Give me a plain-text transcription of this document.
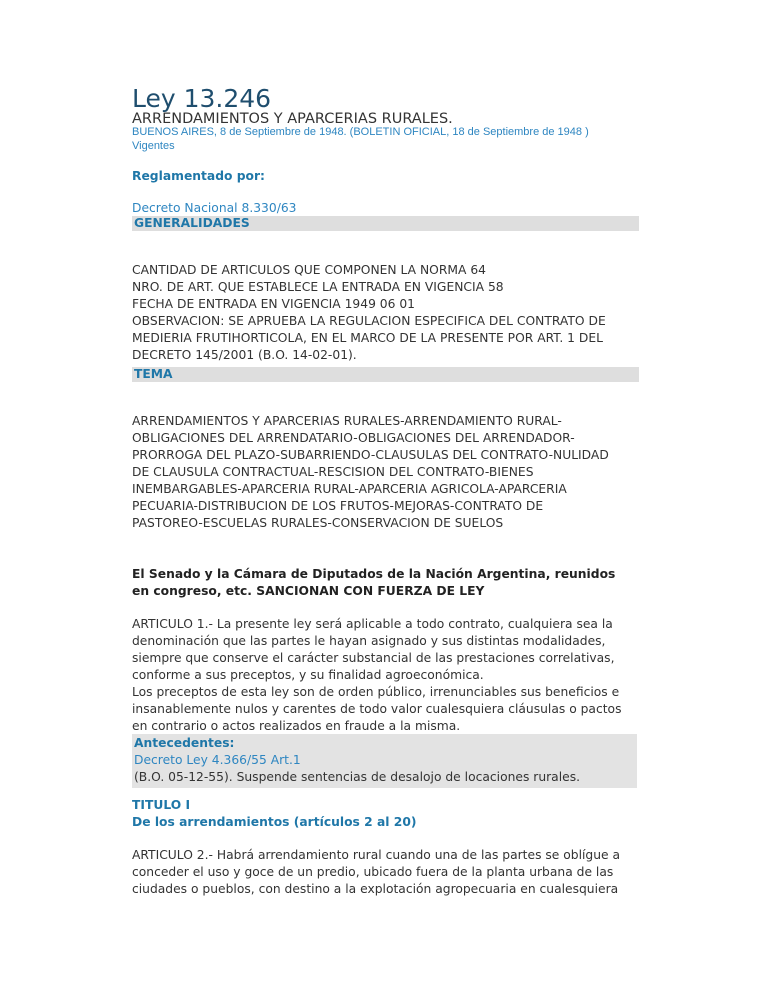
Ley 13.246
ARRENDAMIENTOS Y APARCERIAS RURALES.
BUENOS AIRES, 8 de Septiembre de 1948. (BOLETIN OFICIAL, 18 de Septiembre de 1948 )
Vigentes
Reglamentado por:
Decreto Nacional 8.330/63
GENERALIDADES
CANTIDAD DE ARTICULOS QUE COMPONEN LA NORMA 64
NRO. DE ART. QUE ESTABLECE LA ENTRADA EN VIGENCIA 58
FECHA DE ENTRADA EN VIGENCIA 1949 06 01
OBSERVACION: SE APRUEBA LA REGULACION ESPECIFICA DEL CONTRATO DE
MEDIERIA FRUTIHORTICOLA, EN EL MARCO DE LA PRESENTE POR ART. 1 DEL
DECRETO 145/2001 (B.O. 14-02-01).
TEMA
ARRENDAMIENTOS Y APARCERIAS RURALES-ARRENDAMIENTO RURAL-
OBLIGACIONES DEL ARRENDATARIO-OBLIGACIONES DEL ARRENDADOR-
PRORROGA DEL PLAZO-SUBARRIENDO-CLAUSULAS DEL CONTRATO-NULIDAD
DE CLAUSULA CONTRACTUAL-RESCISION DEL CONTRATO-BIENES
INEMBARGABLES-APARCERIA RURAL-APARCERIA AGRICOLA-APARCERIA
PECUARIA-DISTRIBUCION DE LOS FRUTOS-MEJORAS-CONTRATO DE
PASTOREO-ESCUELAS RURALES-CONSERVACION DE SUELOS
El Senado y la Cámara de Diputados de la Nación Argentina, reunidos
en congreso, etc. SANCIONAN CON FUERZA DE LEY
ARTICULO 1.- La presente ley será aplicable a todo contrato, cualquiera sea la
denominación que las partes le hayan asignado y sus distintas modalidades,
siempre que conserve el carácter substancial de las prestaciones correlativas,
conforme a sus preceptos, y su finalidad agroeconómica.
Los preceptos de esta ley son de orden público, irrenunciables sus beneficios e
insanablemente nulos y carentes de todo valor cualesquiera cláusulas o pactos
en contrario o actos realizados en fraude a la misma.
Antecedentes:
Decreto Ley 4.366/55 Art.1
(B.O. 05-12-55). Suspende sentencias de desalojo de locaciones rurales.
TITULO I
De los arrendamientos (artículos 2 al 20)
ARTICULO 2.- Habrá arrendamiento rural cuando una de las partes se oblígue a
conceder el uso y goce de un predio, ubicado fuera de la planta urbana de las
ciudades o pueblos, con destino a la explotación agropecuaria en cualesquiera
